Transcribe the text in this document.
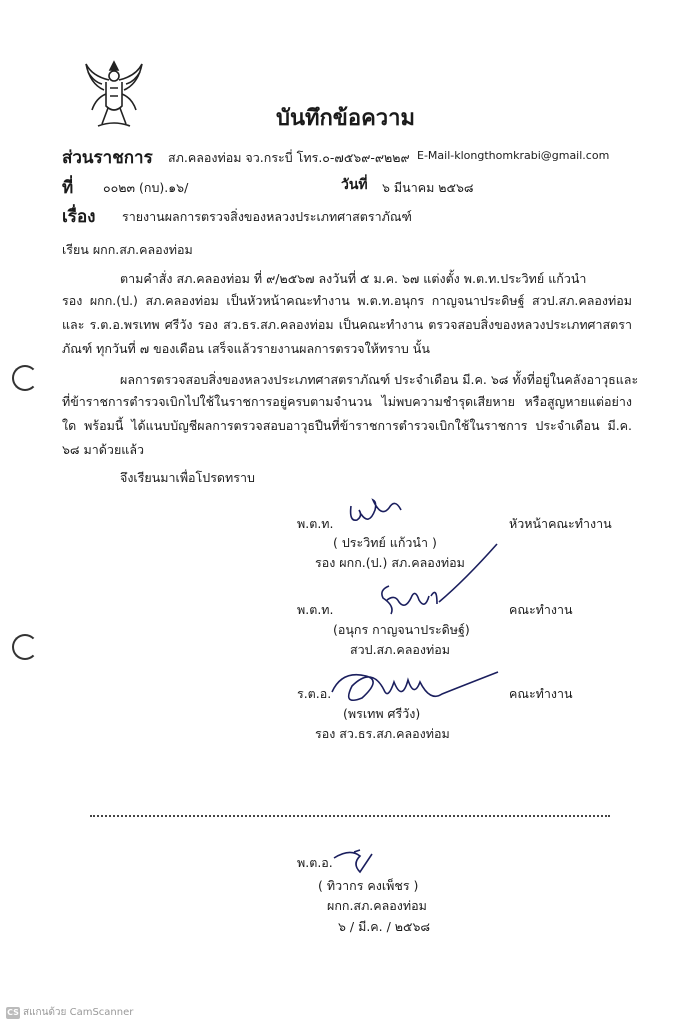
บันทึกข้อความ
ส่วนราชการ สภ.คลองท่อม จว.กระบี่ โทร.๐-๗๕๖๙-๙๒๒๙ E-Mail-klongthomkrabi@gmail.com
ที่ ๐๐๒๓ (กบ).๑๖/	วันที่ ๖ มีนาคม ๒๕๖๘
เรื่อง รายงานผลการตรวจสิ่งของหลวงประเภทศาสตราภัณฑ์
เรียน ผกก.สภ.คลองท่อม
ตามคำสั่ง สภ.คลองท่อม ที่ ๙/๒๕๖๗ ลงวันที่ ๕ ม.ค. ๖๗ แต่งตั้ง พ.ต.ท.ประวิทย์ แก้วนำ
รอง ผกก.(ป.) สภ.คลองท่อม เป็นหัวหน้าคณะทำงาน พ.ต.ท.อนุกร กาญจนาประดิษฐ์ สวป.สภ.คลองท่อม และ ร.ต.อ.พรเทพ ศรีวัง รอง สว.ธร.สภ.คลองท่อม เป็นคณะทำงาน ตรวจสอบสิ่งของหลวงประเภทศาสตราภัณฑ์ ทุกวันที่ ๗ ของเดือน เสร็จแล้วรายงานผลการตรวจให้ทราบ นั้น
ผลการตรวจสอบสิ่งของหลวงประเภทศาสตราภัณฑ์ ประจำเดือน มี.ค. ๖๘ ทั้งที่อยู่ในคลังอาวุธและ
ที่ข้าราชการตำรวจเบิกไปใช้ในราชการอยู่ครบตามจำนวน ไม่พบความชำรุดเสียหาย หรือสูญหายแต่อย่างใด พร้อมนี้ ได้แนบบัญชีผลการตรวจสอบอาวุธปืนที่ข้าราชการตำรวจเบิกใช้ในราชการ ประจำเดือน มี.ค. ๖๘ มาด้วยแล้ว
จึงเรียนมาเพื่อโปรดทราบ
พ.ต.ท.	หัวหน้าคณะทำงาน
( ประวิทย์ แก้วนำ )
รอง ผกก.(ป.) สภ.คลองท่อม
พ.ต.ท.	คณะทำงาน
(อนุกร กาญจนาประดิษฐ์)
สวป.สภ.คลองท่อม
ร.ต.อ.	คณะทำงาน
(พรเทพ ศรีวัง)
รอง สว.ธร.สภ.คลองท่อม
พ.ต.อ.
( ทิวากร คงเพ็ชร )
ผกก.สภ.คลองท่อม
๖ / มี.ค. / ๒๕๖๘
CS สแกนด้วย CamScanner
